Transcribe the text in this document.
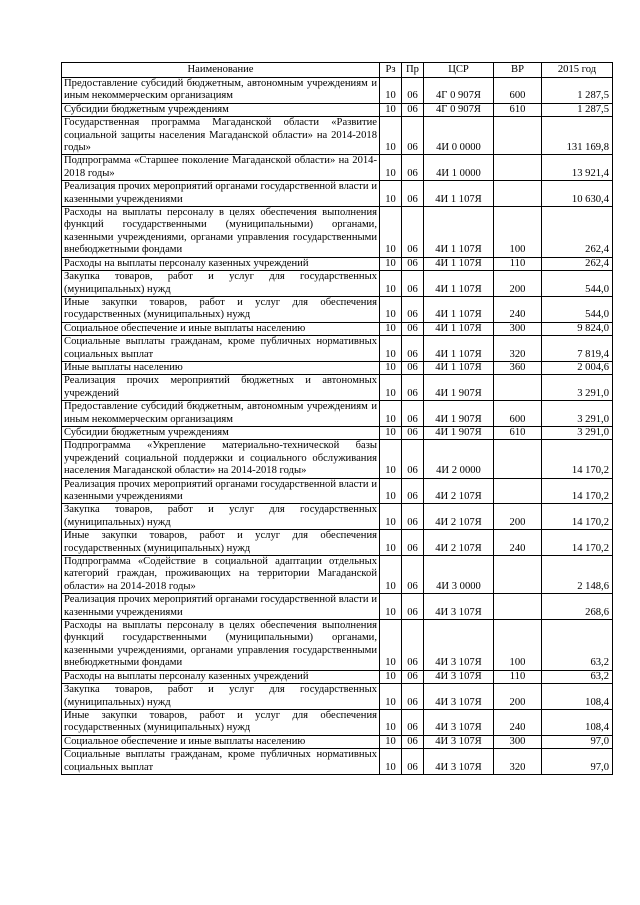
Наименование	Рз	Пр	ЦСР	ВР	2015 год
Предоставление субсидий бюджетным, автономным учреждениям и иным некоммерческим организациям	10	06	4Г 0 907Я	600	1 287,5
Субсидии бюджетным учреждениям	10	06	4Г 0 907Я	610	1 287,5
Государственная программа Магаданской области «Развитие социальной защиты населения Магаданской области» на 2014-2018 годы»	10	06	4И 0 0000		131 169,8
Подпрограмма «Старшее поколение Магаданской области» на 2014-2018 годы»	10	06	4И 1 0000		13 921,4
Реализация прочих мероприятий органами государственной власти и казенными учреждениями	10	06	4И 1 107Я		10 630,4
Расходы на выплаты персоналу в целях обеспечения выполнения функций государственными (муниципальными) органами, казенными учреждениями, органами управления государственными внебюджетными фондами	10	06	4И 1 107Я	100	262,4
Расходы на выплаты персоналу казенных учреждений	10	06	4И 1 107Я	110	262,4
Закупка товаров, работ и услуг для государственных (муниципальных) нужд	10	06	4И 1 107Я	200	544,0
Иные закупки товаров, работ и услуг для обеспечения государственных (муниципальных) нужд	10	06	4И 1 107Я	240	544,0
Социальное обеспечение и иные выплаты населению	10	06	4И 1 107Я	300	9 824,0
Социальные выплаты гражданам, кроме публичных нормативных социальных выплат	10	06	4И 1 107Я	320	7 819,4
Иные выплаты населению	10	06	4И 1 107Я	360	2 004,6
Реализация прочих мероприятий бюджетных и автономных учреждений	10	06	4И 1 907Я		3 291,0
Предоставление субсидий бюджетным, автономным учреждениям и иным некоммерческим организациям	10	06	4И 1 907Я	600	3 291,0
Субсидии бюджетным учреждениям	10	06	4И 1 907Я	610	3 291,0
Подпрограмма «Укрепление материально-технической базы учреждений социальной поддержки и социального обслуживания населения Магаданской области» на 2014-2018 годы»	10	06	4И 2 0000		14 170,2
Реализация прочих мероприятий органами государственной власти и казенными учреждениями	10	06	4И 2 107Я		14 170,2
Закупка товаров, работ и услуг для государственных (муниципальных) нужд	10	06	4И 2 107Я	200	14 170,2
Иные закупки товаров, работ и услуг для обеспечения государственных (муниципальных) нужд	10	06	4И 2 107Я	240	14 170,2
Подпрограмма «Содействие в социальной адаптации отдельных категорий граждан, проживающих на территории Магаданской области» на 2014-2018 годы»	10	06	4И 3 0000		2 148,6
Реализация прочих мероприятий органами государственной власти и казенными учреждениями	10	06	4И 3 107Я		268,6
Расходы на выплаты персоналу в целях обеспечения выполнения функций государственными (муниципальными) органами, казенными учреждениями, органами управления государственными внебюджетными фондами	10	06	4И 3 107Я	100	63,2
Расходы на выплаты персоналу казенных учреждений	10	06	4И 3 107Я	110	63,2
Закупка товаров, работ и услуг для государственных (муниципальных) нужд	10	06	4И 3 107Я	200	108,4
Иные закупки товаров, работ и услуг для обеспечения государственных (муниципальных) нужд	10	06	4И 3 107Я	240	108,4
Социальное обеспечение и иные выплаты населению	10	06	4И 3 107Я	300	97,0
Социальные выплаты гражданам, кроме публичных нормативных социальных выплат	10	06	4И 3 107Я	320	97,0
